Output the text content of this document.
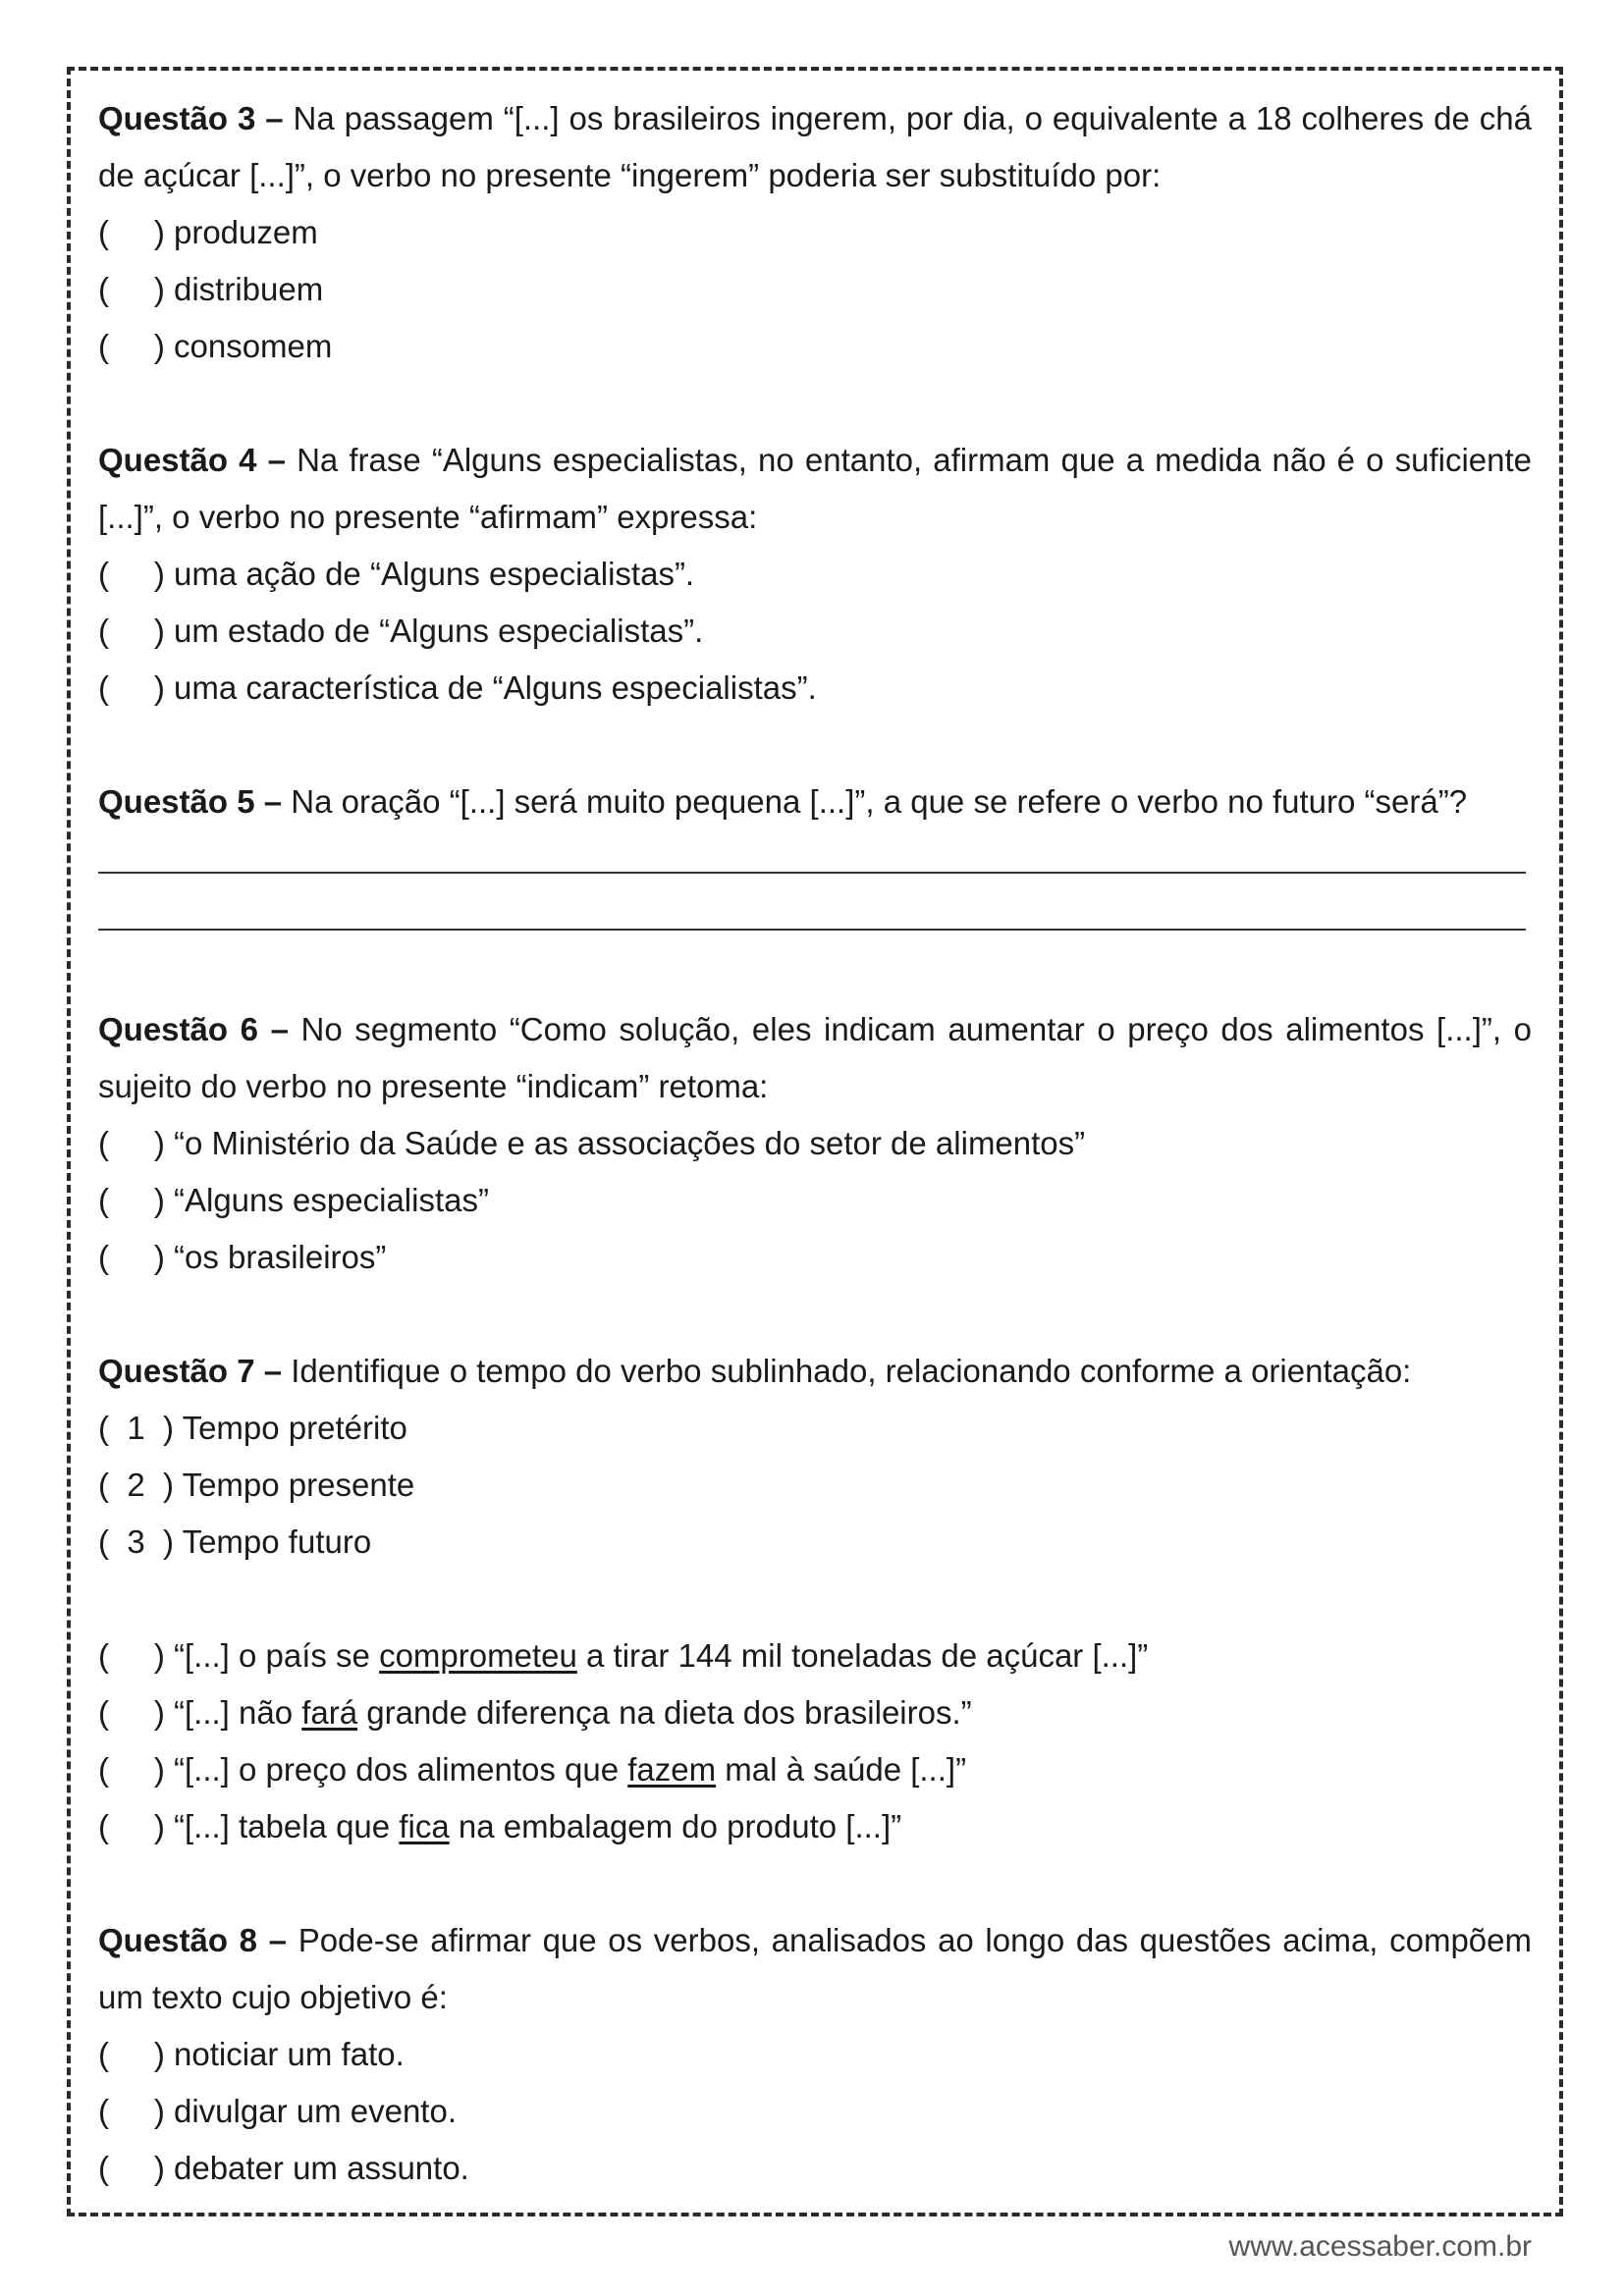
Questão 3 – Na passagem “[...] os brasileiros ingerem, por dia, o equivalente a 18 colheres de chá de açúcar [...]”, o verbo no presente “ingerem” poderia ser substituído por:

(     ) produzem

(     ) distribuem

(     ) consomem

Questão 4 – Na frase “Alguns especialistas, no entanto, afirmam que a medida não é o suficiente [...]”, o verbo no presente “afirmam” expressa:

(     ) uma ação de “Alguns especialistas”.

(     ) um estado de “Alguns especialistas”.

(     ) uma característica de “Alguns especialistas”.

Questão 5 – Na oração “[...] será muito pequena [...]”, a que se refere o verbo no futuro “será”?

Questão 6 – No segmento “Como solução, eles indicam aumentar o preço dos alimentos [...]”, o sujeito do verbo no presente “indicam” retoma:

(     ) “o Ministério da Saúde e as associações do setor de alimentos”

(     ) “Alguns especialistas”

(     ) “os brasileiros”

Questão 7 – Identifique o tempo do verbo sublinhado, relacionando conforme a orientação:

(  1  ) Tempo pretérito

(  2  ) Tempo presente

(  3  ) Tempo futuro

(     ) “[...] o país se comprometeu a tirar 144 mil toneladas de açúcar [...]”

(     ) “[...] não fará grande diferença na dieta dos brasileiros.”

(     ) “[...] o preço dos alimentos que fazem mal à saúde [...]”

(     ) “[...] tabela que fica na embalagem do produto [...]”

Questão 8 – Pode-se afirmar que os verbos, analisados ao longo das questões acima, compõem um texto cujo objetivo é:

(     ) noticiar um fato.

(     ) divulgar um evento.

(     ) debater um assunto.

www.acessaber.com.br
